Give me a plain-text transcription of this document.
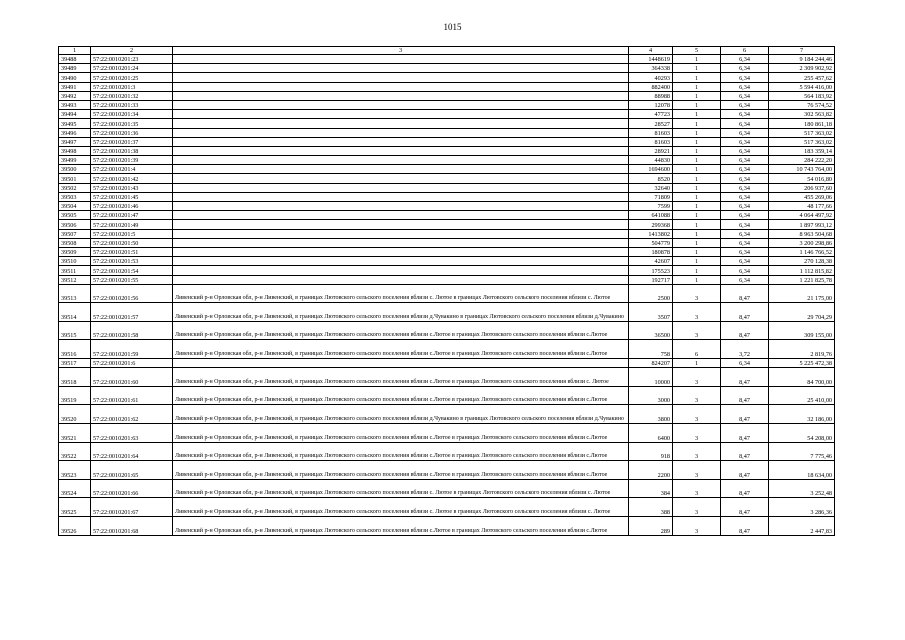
1015
1	2	3	4	5	6	7
39488	57:22:0010201:23		1448619	1	6,34	9 184 244,46
39489	57:22:0010201:24		364338	1	6,34	2 309 902,92
39490	57:22:0010201:25		40293	1	6,34	255 457,62
39491	57:22:0010201:3		882400	1	6,34	5 594 416,00
39492	57:22:0010201:32		88988	1	6,34	564 183,92
39493	57:22:0010201:33		12078	1	6,34	76 574,52
39494	57:22:0010201:34		47723	1	6,34	302 563,82
39495	57:22:0010201:35		28527	1	6,34	180 861,18
39496	57:22:0010201:36		81603	1	6,34	517 363,02
39497	57:22:0010201:37		81603	1	6,34	517 363,02
39498	57:22:0010201:38		28921	1	6,34	183 359,14
39499	57:22:0010201:39		44830	1	6,34	284 222,20
39500	57:22:0010201:4		1694600	1	6,34	10 743 764,00
39501	57:22:0010201:42		8520	1	6,34	54 016,80
39502	57:22:0010201:43		32640	1	6,34	206 937,60
39503	57:22:0010201:45		71809	1	6,34	455 269,06
39504	57:22:0010201:46		7599	1	6,34	48 177,66
39505	57:22:0010201:47		641088	1	6,34	4 064 497,92
39506	57:22:0010201:49		299368	1	6,34	1 897 993,12
39507	57:22:0010201:5		1413802	1	6,34	8 963 504,68
39508	57:22:0010201:50		504779	1	6,34	3 200 298,86
39509	57:22:0010201:51		180878	1	6,34	1 146 766,52
39510	57:22:0010201:53		42607	1	6,34	270 128,38
39511	57:22:0010201:54		175523	1	6,34	1 112 815,82
39512	57:22:0010201:55		192717	1	6,34	1 221 825,78
39513	57:22:0010201:56	Ливенский р-н Орловская обл, р-н Ливенский, в границах Лютовского сельского поселения вблизи с. Лютое в границах Лютовского сельского поселения вблизи с. Лютое	2500	3	8,47	21 175,00
39514	57:22:0010201:57	Ливенский р-н Орловская обл, р-н Ливенский, в границах Лютовского сельского поселения вблизи д.Чувакино в границах Лютовского сельского поселения вблизи д.Чувакино	3507	3	8,47	29 704,29
39515	57:22:0010201:58	Ливенский р-н Орловская обл, р-н Ливенский, в границах Лютовского сельского поселения вблизи с.Лютое в границах Лютовского сельского поселения вблизи с.Лютое	36500	3	8,47	309 155,00
39516	57:22:0010201:59	Ливенский р-н Орловская обл, р-н Ливенский, в границах Лютовского сельского поселения вблизи с.Лютое в границах Лютовского сельского поселения вблизи с.Лютое	758	6	3,72	2 819,76
39517	57:22:0010201:6		824207	1	6,34	5 225 472,38
39518	57:22:0010201:60	Ливенский р-н Орловская обл, р-н Ливенский, в границах Лютовского сельского поселения вблизи с.Лютое в границах Лютовского сельского поселения вблизи с. Лютое	10000	3	8,47	84 700,00
39519	57:22:0010201:61	Ливенский р-н Орловская обл, р-н Ливенский, в границах Лютовского сельского поселения вблизи с.Лютое в границах Лютовского сельского поселения вблизи с.Лютое	3000	3	8,47	25 410,00
39520	57:22:0010201:62	Ливенский р-н Орловская обл, р-н Ливенский, в границах Лютовского сельского поселения вблизи д.Чувакино в границах Лютовского сельского поселения вблизи д.Чувакино	3800	3	8,47	32 186,00
39521	57:22:0010201:63	Ливенский р-н Орловская обл, р-н Ливенский, в границах Лютовского сельского поселения вблизи с.Лютое в границах Лютовского сельского поселения вблизи с.Лютое	6400	3	8,47	54 208,00
39522	57:22:0010201:64	Ливенский р-н Орловская обл, р-н Ливенский, в границах Лютовского сельского поселения вблизи с.Лютое в границах Лютовского сельского поселения вблизи с.Лютое	918	3	8,47	7 775,46
39523	57:22:0010201:65	Ливенский р-н Орловская обл, р-н Ливенский, в границах Лютовского сельского поселения вблизи с.Лютое в границах Лютовского сельского поселения вблизи с.Лютое	2200	3	8,47	18 634,00
39524	57:22:0010201:66	Ливенский р-н Орловская обл, р-н Ливенский, в границах Лютовского сельского поселения вблизи с. Лютое в границах Лютовского сельского поселения вблизи с. Лютое	384	3	8,47	3 252,48
39525	57:22:0010201:67	Ливенский р-н Орловская обл, р-н Ливенский, в границах Лютовского сельского поселения вблизи с. Лютое в границах Лютовского сельского поселения вблизи с. Лютое	388	3	8,47	3 286,36
39526	57:22:0010201:68	Ливенский р-н Орловская обл, р-н Ливенский, в границах Лютовского сельского поселения вблизи с.Лютое в границах Лютовского сельского поселения вблизи с.Лютое	289	3	8,47	2 447,83
